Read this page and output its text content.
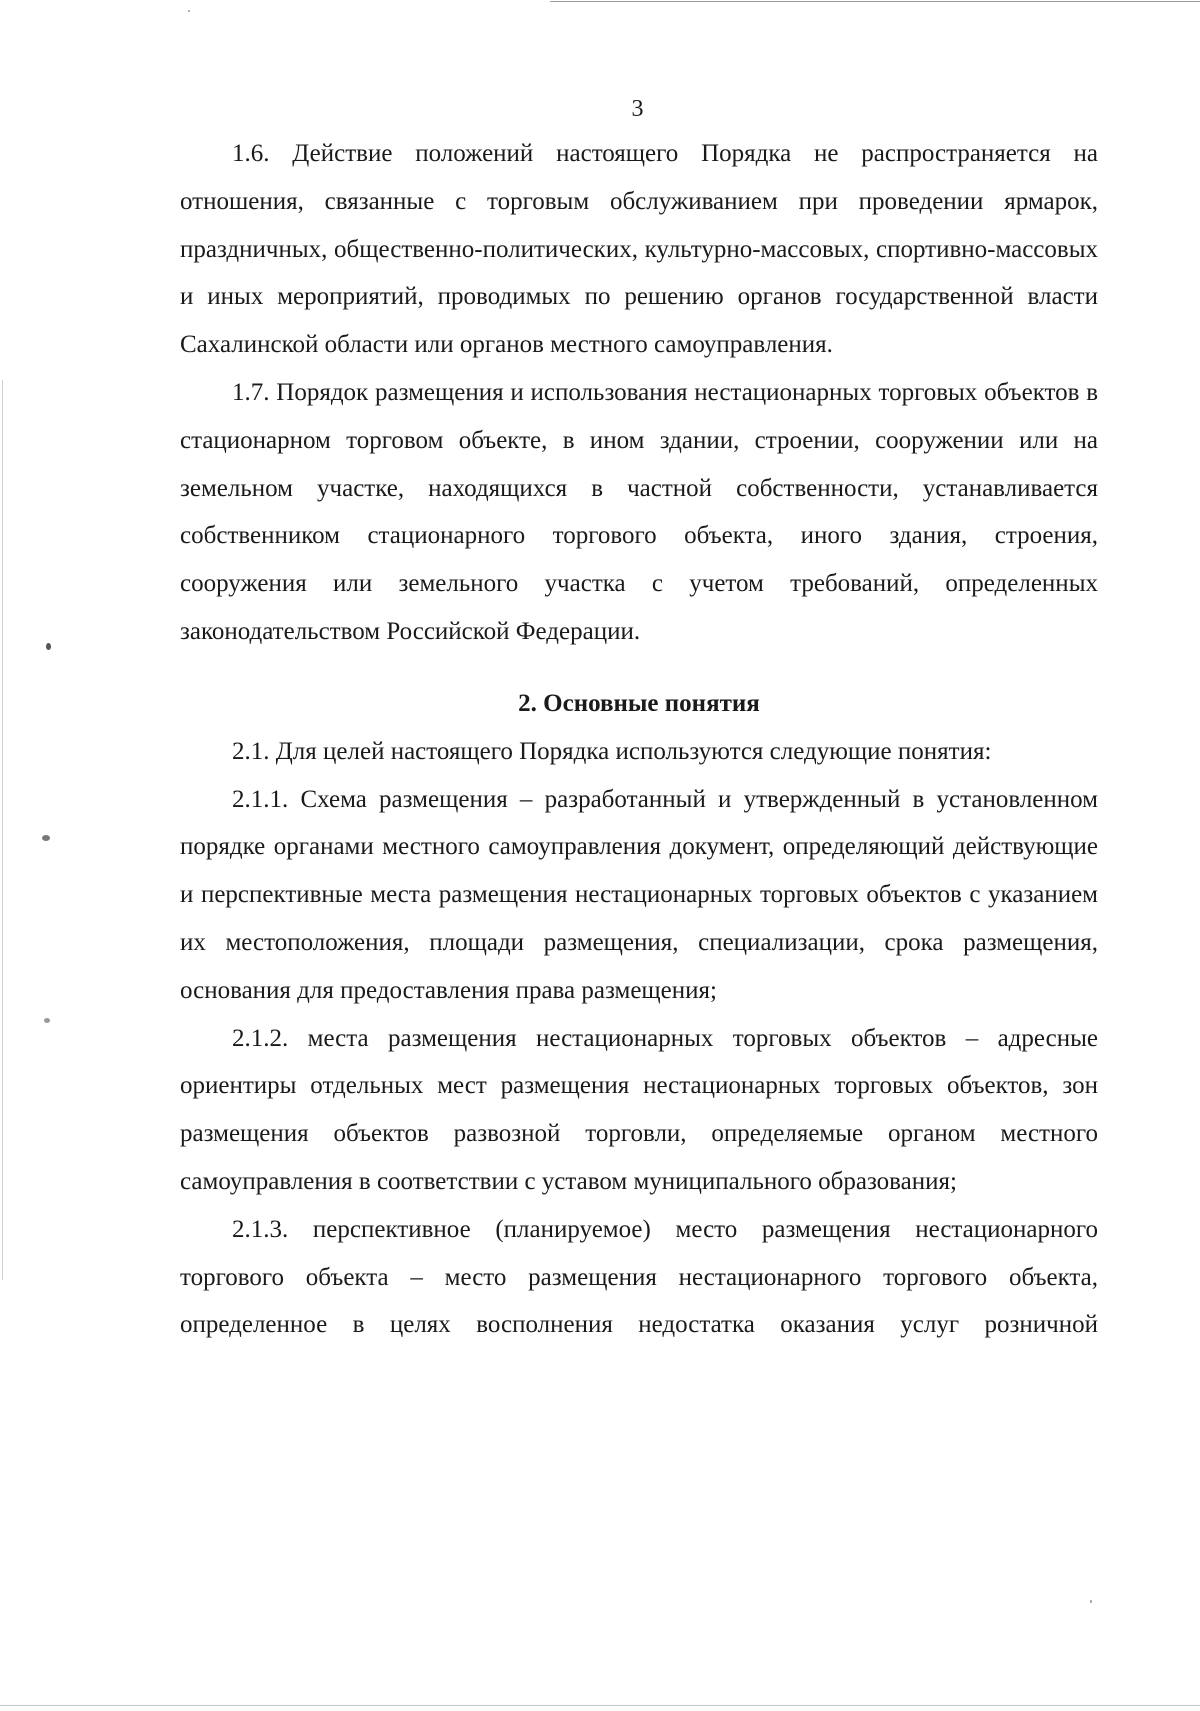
3

1.6. Действие положений настоящего Порядка не распространяется на отношения, связанные с торговым обслуживанием при проведении ярмарок, праздничных, общественно-политических, культурно-массовых, спортивно-массовых и иных мероприятий, проводимых по решению органов государственной власти Сахалинской области или органов местного самоуправления.

1.7. Порядок размещения и использования нестационарных торговых объектов в стационарном торговом объекте, в ином здании, строении, сооружении или на земельном участке, находящихся в частной собственности, устанавливается собственником стационарного торгового объекта, иного здания, строения, сооружения или земельного участка с учетом требований, определенных законодательством Российской Федерации.

2. Основные понятия

2.1. Для целей настоящего Порядка используются следующие понятия:

2.1.1. Схема размещения – разработанный и утвержденный в установленном порядке органами местного самоуправления документ, определяющий действующие и перспективные места размещения нестационарных торговых объектов с указанием их местоположения, площади размещения, специализации, срока размещения, основания для предоставления права размещения;

2.1.2. места размещения нестационарных торговых объектов – адресные ориентиры отдельных мест размещения нестационарных торговых объектов, зон размещения объектов развозной торговли, определяемые органом местного самоуправления в соответствии с уставом муниципального образования;

2.1.3. перспективное (планируемое) место размещения нестационарного торгового объекта – место размещения нестационарного торгового объекта, определенное в целях восполнения недостатка оказания услуг розничной
